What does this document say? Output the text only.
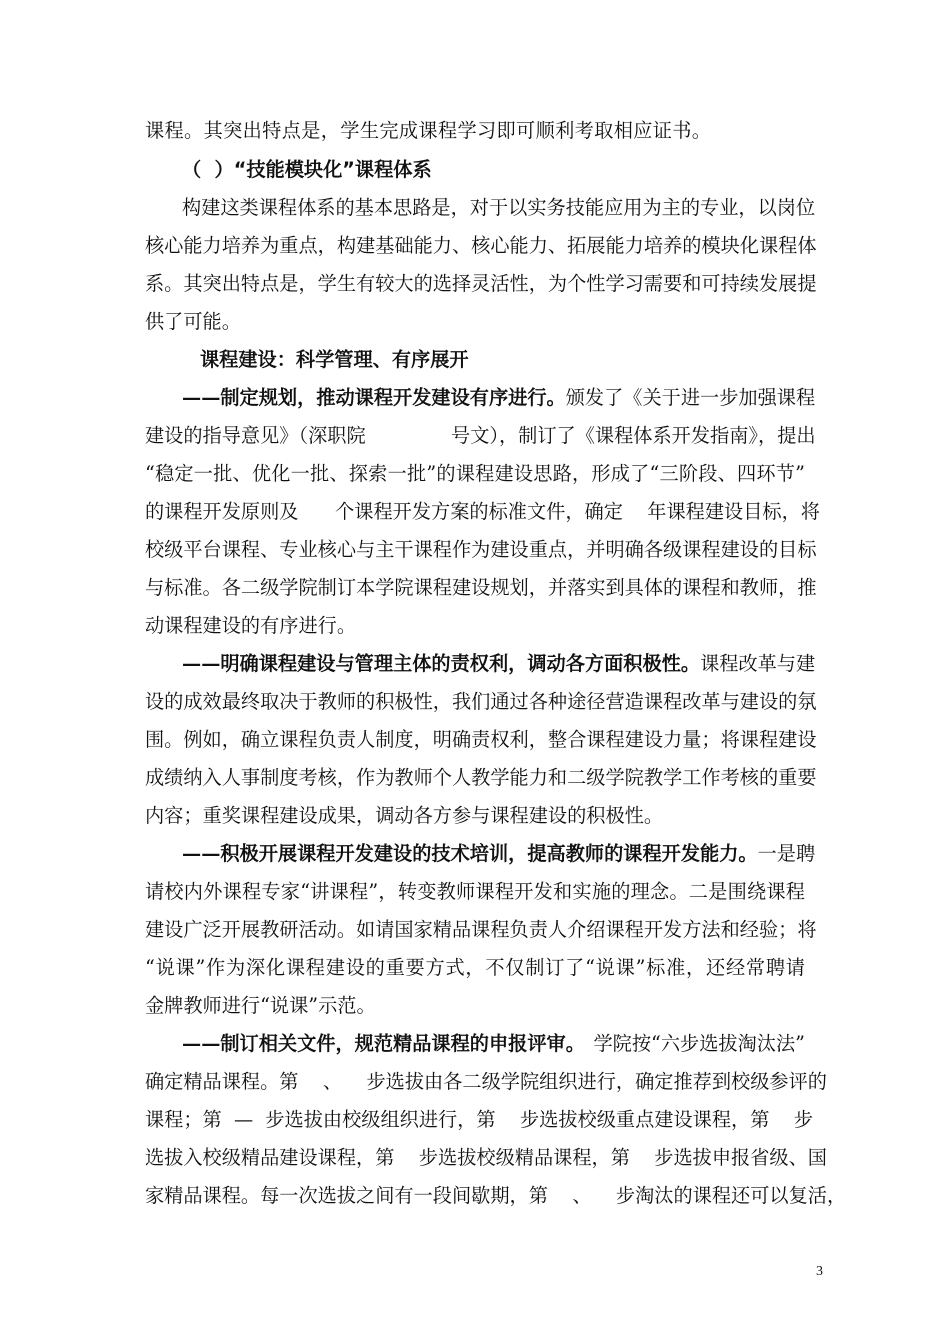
课程。其突出特点是，学生完成课程学习即可顺利考取相应证书。
（  ）“技能模块化”课程体系
构建这类课程体系的基本思路是，对于以实务技能应用为主的专业，以岗位
核心能力培养为重点，构建基础能力、核心能力、拓展能力培养的模块化课程体
系。其突出特点是，学生有较大的选择灵活性，为个性学习需要和可持续发展提
供了可能。
课程建设：科学管理、有序展开
——制定规划，推动课程开发建设有序进行。 颁发了《关于进一步加强课程
建设的指导意见》（深职院              号文），制订了《课程体系开发指南》，提出
“稳定一批、优化一批、探索一批”的课程建设思路，形成了“三阶段、四环节”
的课程开发原则及      个课程开发方案的标准文件，确定    年课程建设目标，将
校级平台课程、专业核心与主干课程作为建设重点，并明确各级课程建设的目标
与标准。各二级学院制订本学院课程建设规划，并落实到具体的课程和教师，推
动课程建设的有序进行。
——明确课程建设与管理主体的责权利，调动各方面积极性。 课程改革与建
设的成效最终取决于教师的积极性，我们通过各种途径营造课程改革与建设的氛
围。例如，确立课程负责人制度，明确责权利，整合课程建设力量；将课程建设
成绩纳入人事制度考核，作为教师个人教学能力和二级学院教学工作考核的重要
内容；重奖课程建设成果，调动各方参与课程建设的积极性。
——积极开展课程开发建设的技术培训，提高教师的课程开发能力。 一是聘
请校内外课程专家“讲课程”，转变教师课程开发和实施的理念。二是围绕课程
建设广泛开展教研活动。如请国家精品课程负责人介绍课程开发方法和经验；将
“说课”作为深化课程建设的重要方式，不仅制订了“说课”标准，还经常聘请
金牌教师进行“说课”示范。
——制订相关文件，规范精品课程的申报评审。 学院按“六步选拔淘汰法”
确定精品课程。第    、    步选拔由各二级学院组织进行，确定推荐到校级参评的
课程；第  —  步选拔由校级组织进行，第    步选拔校级重点建设课程，第    步
选拔入校级精品建设课程，第    步选拔校级精品课程，第    步选拔申报省级、国
家精品课程。每一次选拔之间有一段间歇期，第    、    步淘汰的课程还可以复活，
3
